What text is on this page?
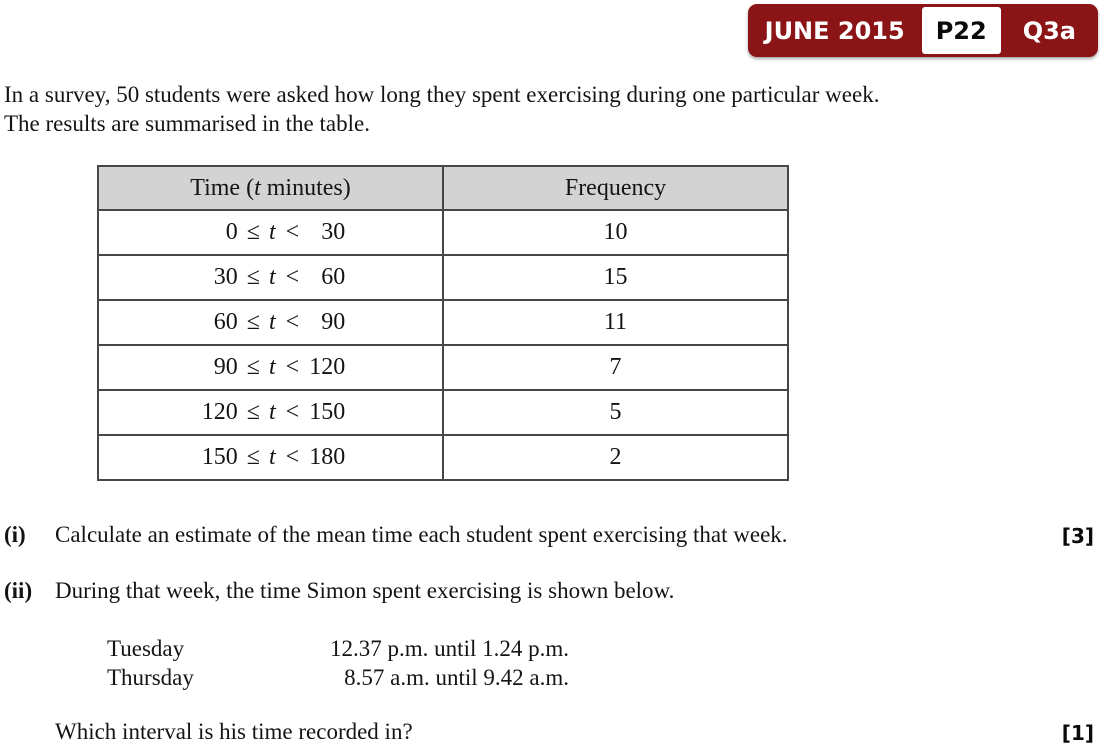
JUNE 2015	P22	Q3a
In a survey, 50 students were asked how long they spent exercising during one particular week.
The results are summarised in the table.
Time (t minutes)	Frequency

0 ≤ t < 30	10

30 ≤ t < 60	15

60 ≤ t < 90	11

90 ≤ t < 120	7

120 ≤ t < 150	5

150 ≤ t < 180	2
(i) Calculate an estimate of the mean time each student spent exercising that week.	[3]
(ii) During that week, the time Simon spent exercising is shown below.
Tuesday	12.37 p.m. until 1.24 p.m.
Thursday	8.57 a.m. until 9.42 a.m.
Which interval is his time recorded in?	[1]
